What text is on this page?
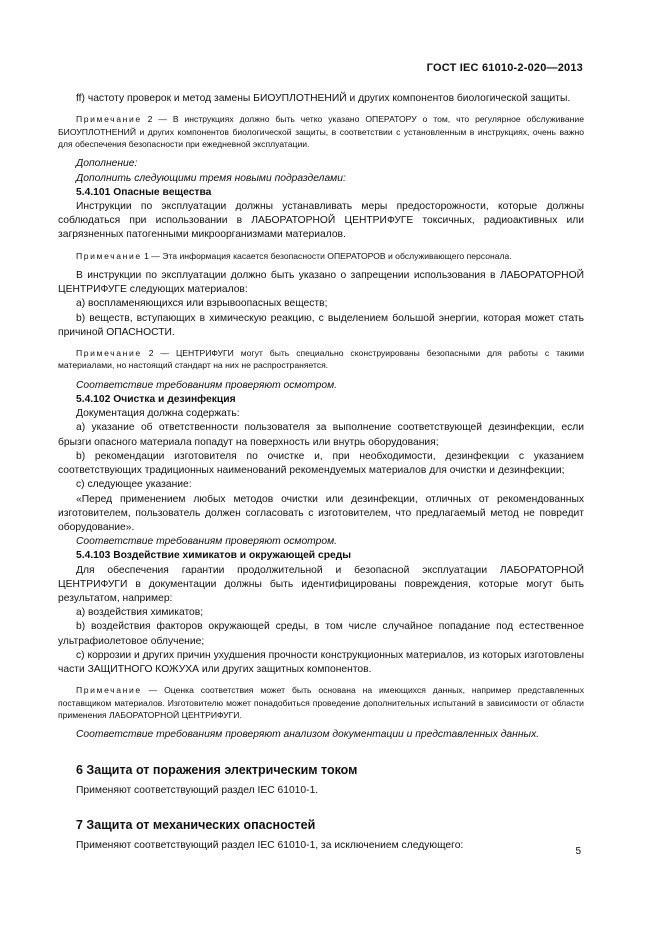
ГОСТ IEC 61010-2-020—2013

ff) частоту проверок и метод замены БИОУПЛОТНЕНИЙ и других компонентов биологической защиты.

Примечание 2 — В инструкциях должно быть четко указано ОПЕРАТОРУ о том, что регулярное обслуживание БИОУПЛОТНЕНИЙ и других компонентов биологической защиты, в соответствии с установленным в инструкциях, очень важно для обеспечения безопасности при ежедневной эксплуатации.

Дополнение:

Дополнить следующими тремя новыми подразделами:

5.4.101 Опасные вещества

Инструкции по эксплуатации должны устанавливать меры предосторожности, которые должны соблюдаться при использовании в ЛАБОРАТОРНОЙ ЦЕНТРИФУГЕ токсичных, радиоактивных или загрязненных патогенными микроорганизмами материалов.

Примечание 1 — Эта информация касается безопасности ОПЕРАТОРОВ и обслуживающего персонала.

В инструкции по эксплуатации должно быть указано о запрещении использования в ЛАБОРАТОРНОЙ ЦЕНТРИФУГЕ следующих материалов:

a) воспламеняющихся или взрывоопасных веществ;

b) веществ, вступающих в химическую реакцию, с выделением большой энергии, которая может стать причиной ОПАСНОСТИ.

Примечание 2 — ЦЕНТРИФУГИ могут быть специально сконструированы безопасными для работы с такими материалами, но настоящий стандарт на них не распространяется.

Соответствие требованиям проверяют осмотром.

5.4.102 Очистка и дезинфекция

Документация должна содержать:

a) указание об ответственности пользователя за выполнение соответствующей дезинфекции, если брызги опасного материала попадут на поверхность или внутрь оборудования;

b) рекомендации изготовителя по очистке и, при необходимости, дезинфекции с указанием соответствующих традиционных наименований рекомендуемых материалов для очистки и дезинфекции;

c) следующее указание:

«Перед применением любых методов очистки или дезинфекции, отличных от рекомендованных изготовителем, пользователь должен согласовать с изготовителем, что предлагаемый метод не повредит оборудование».

Соответствие требованиям проверяют осмотром.

5.4.103 Воздействие химикатов и окружающей среды

Для обеспечения гарантии продолжительной и безопасной эксплуатации ЛАБОРАТОРНОЙ ЦЕНТРИФУГИ в документации должны быть идентифицированы повреждения, которые могут быть результатом, например:

a) воздействия химикатов;

b) воздействия факторов окружающей среды, в том числе случайное попадание под естественное ультрафиолетовое облучение;

c) коррозии и других причин ухудшения прочности конструкционных материалов, из которых изготовлены части ЗАЩИТНОГО КОЖУХА или других защитных компонентов.

Примечание — Оценка соответствия может быть основана на имеющихся данных, например представленных поставщиком материалов. Изготовителю может понадобиться проведение дополнительных испытаний в зависимости от области применения ЛАБОРАТОРНОЙ ЦЕНТРИФУГИ.

Соответствие требованиям проверяют анализом документации и представленных данных.

6 Защита от поражения электрическим током

Применяют соответствующий раздел IEC 61010-1.

7 Защита от механических опасностей

Применяют соответствующий раздел IEC 61010-1, за исключением следующего:

5
